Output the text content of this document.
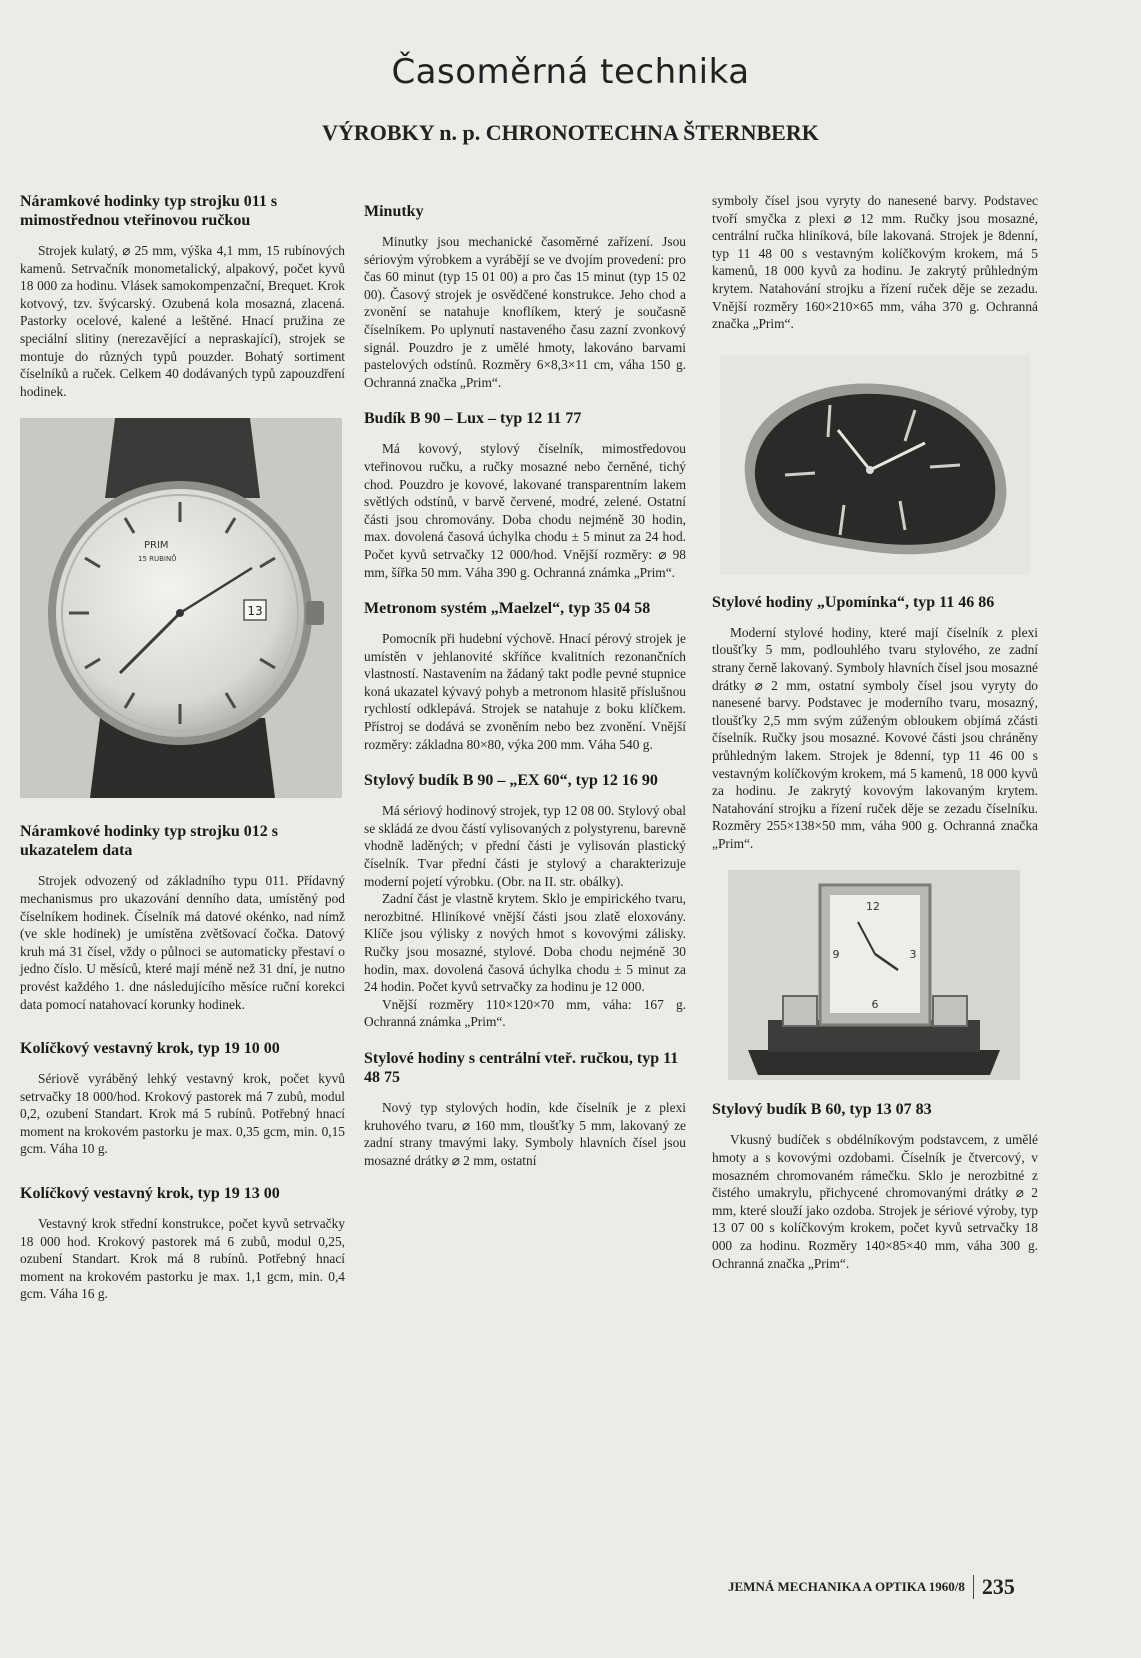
Časoměrná technika
VÝROBKY n. p. CHRONOTECHNA ŠTERNBERK
Náramkové hodinky typ strojku 011 s mimostřednou vteřinovou ručkou

Strojek kulatý, ⌀ 25 mm, výška 4,1 mm, 15 rubínových kamenů. Setrvačník monometalický, alpakový, počet kyvů 18 000 za hodinu. Vlásek samokompenzační, Brequet. Krok kotvový, tzv. švýcarský. Ozubená kola mosazná, zlacená. Pastorky ocelové, kalené a leštěné. Hnací pružina ze speciální slitiny (nerezavějící a nepraskající), strojek se montuje do různých typů pouzder. Bohatý sortiment číselníků a ruček. Celkem 40 dodávaných typů zapouzdření hodinek.

13
PRIM
15 RUBINŮ
Náramkové hodinky typ strojku 012 s ukazatelem data

Strojek odvozený od základního typu 011. Přídavný mechanismus pro ukazování denního data, umístěný pod číselníkem hodinek. Číselník má datové okénko, nad nímž (ve skle hodinek) je umístěna zvětšovací čočka. Datový kruh má 31 čísel, vždy o půlnoci se automaticky přestaví o jedno číslo. U měsíců, které mají méně než 31 dní, je nutno provést každého 1. dne následujícího měsíce ruční korekci data pomocí natahovací korunky hodinek.

Kolíčkový vestavný krok, typ 19 10 00

Sériově vyráběný lehký vestavný krok, počet kyvů setrvačky 18 000/hod. Krokový pastorek má 7 zubů, modul 0,2, ozubení Standart. Krok má 5 rubínů. Potřebný hnací moment na krokovém pastorku je max. 0,35 gcm, min. 0,15 gcm. Váha 10 g.

Kolíčkový vestavný krok, typ 19 13 00

Vestavný krok střední konstrukce, počet kyvů setrvačky 18 000 hod. Krokový pastorek má 6 zubů, modul 0,25, ozubení Standart. Krok má 8 rubínů. Potřebný hnací moment na krokovém pastorku je max. 1,1 gcm, min. 0,4 gcm. Váha 16 g.

Minutky

Minutky jsou mechanické časoměrné zařízení. Jsou sériovým výrobkem a vyrábějí se ve dvojím provedení: pro čas 60 minut (typ 15 01 00) a pro čas 15 minut (typ 15 02 00). Časový strojek je osvědčené konstrukce. Jeho chod a zvonění se natahuje knoflíkem, který je současně číselníkem. Po uplynutí nastaveného času zazní zvonkový signál. Pouzdro je z umělé hmoty, lakováno barvami pastelových odstínů. Rozměry 6×8,3×11 cm, váha 150 g. Ochranná značka „Prim“.

Budík B 90 – Lux – typ 12 11 77

Má kovový, stylový číselník, mimostředovou vteřinovou ručku, a ručky mosazné nebo černěné, tichý chod. Pouzdro je kovové, lakované transparentním lakem světlých odstínů, v barvě červené, modré, zelené. Ostatní části jsou chromovány. Doba chodu nejméně 30 hodin, max. dovolená časová úchylka chodu ± 5 minut za 24 hod. Počet kyvů setrvačky 12 000/hod. Vnější rozměry: ⌀ 98 mm, šířka 50 mm. Váha 390 g. Ochranná známka „Prim“.

Metronom systém „Maelzel“, typ 35 04 58

Pomocník při hudební výchově. Hnací pérový strojek je umístěn v jehlanovité skříňce kvalitních rezonančních vlastností. Nastavením na žádaný takt podle pevné stupnice koná ukazatel kývavý pohyb a metronom hlasitě příslušnou rychlostí odklepává. Strojek se natahuje z boku klíčkem. Přístroj se dodává se zvoněním nebo bez zvonění. Vnější rozměry: základna 80×80, výka 200 mm. Váha 540 g.

Stylový budík B 90 – „EX 60“, typ 12 16 90

Má sériový hodinový strojek, typ 12 08 00. Stylový obal se skládá ze dvou částí vylisovaných z polystyrenu, barevně vhodně laděných; v přední části je vylisován plastický číselník. Tvar přední části je stylový a charakterizuje moderní pojetí výrobku. (Obr. na II. str. obálky).

Zadní část je vlastně krytem. Sklo je empirického tvaru, nerozbitné. Hliníkové vnější části jsou zlatě eloxovány. Klíče jsou výlisky z nových hmot s kovovými zálisky. Ručky jsou mosazné, stylové. Doba chodu nejméně 30 hodin, max. dovolená časová úchylka chodu ± 5 minut za 24 hodin. Počet kyvů setrvačky za hodinu je 12 000.

Vnější rozměry 110×120×70 mm, váha: 167 g. Ochranná známka „Prim“.

Stylové hodiny s centrální vteř. ručkou, typ 11 48 75

Nový typ stylových hodin, kde číselník je z plexi kruhového tvaru, ⌀ 160 mm, tloušťky 5 mm, lakovaný ze zadní strany tmavými laky. Symboly hlavních čísel jsou mosazné drátky ⌀ 2 mm, ostatní

symboly čísel jsou vyryty do nanesené barvy. Podstavec tvoří smyčka z plexi ⌀ 12 mm. Ručky jsou mosazné, centrální ručka hliníková, bíle lakovaná. Strojek je 8denní, typ 11 48 00 s vestavným kolíčkovým krokem, má 5 kamenů, 18 000 kyvů za hodinu. Je zakrytý průhledným krytem. Natahování strojku a řízení ruček děje se zezadu. Vnější rozměry 160×210×65 mm, váha 370 g. Ochranná značka „Prim“.

Stylové hodiny „Upomínka“, typ 11 46 86

Moderní stylové hodiny, které mají číselník z plexi tloušťky 5 mm, podlouhlého tvaru stylového, ze zadní strany černě lakovaný. Symboly hlavních čísel jsou mosazné drátky ⌀ 2 mm, ostatní symboly čísel jsou vyryty do nanesené barvy. Podstavec je moderního tvaru, mosazný, tloušťky 2,5 mm svým zúženým obloukem objímá zčásti číselník. Ručky jsou mosazné. Kovové části jsou chráněny průhledným lakem. Strojek je 8denní, typ 11 46 00 s vestavným kolíčkovým krokem, má 5 kamenů, 18 000 kyvů za hodinu. Je zakrytý kovovým lakovaným krytem. Natahování strojku a řízení ruček děje se zezadu číselníku. Rozměry 255×138×50 mm, váha 900 g. Ochranná značka „Prim“.

12
3
6
9
Stylový budík B 60, typ 13 07 83

Vkusný budíček s obdélníkovým podstavcem, z umělé hmoty a s kovovými ozdobami. Číselník je čtvercový, v mosazném chromovaném rámečku. Sklo je nerozbitné z čistého umakrylu, přichycené chromovanými drátky ⌀ 2 mm, které slouží jako ozdoba. Strojek je sériové výroby, typ 13 07 00 s kolíčkovým krokem, počet kyvů setrvačky 18 000 za hodinu. Rozměry 140×85×40 mm, váha 300 g. Ochranná značka „Prim“.

JEMNÁ MECHANIKA A OPTIKA 1960/8 235
